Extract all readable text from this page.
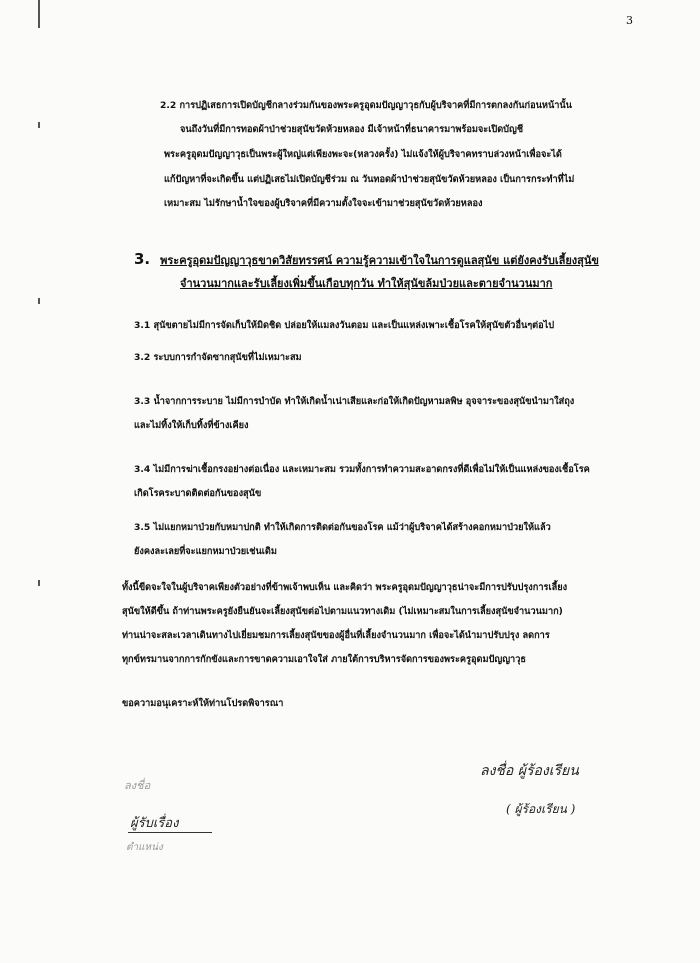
3
2.2 การปฏิเสธการเปิดบัญชีกลางร่วมกันของพระครูอุดมปัญญาวุธกับผู้บริจาคที่มีการตกลงกันก่อนหน้านั้น
จนถึงวันที่มีการทอดผ้าป่าช่วยสุนัขวัดห้วยหลอง มีเจ้าหน้าที่ธนาคารมาพร้อมจะเปิดบัญชี
พระครูอุดมปัญญาวุธเป็นพระผู้ใหญ่แต่เพียงพะจะ(หลวงครั้ง) ไม่แจ้งให้ผู้บริจาคทราบล่วงหน้าเพื่อจะได้
แก้ปัญหาที่จะเกิดขึ้น แต่ปฏิเสธไม่เปิดบัญชีร่วม ณ วันทอดผ้าป่าช่วยสุนัขวัดห้วยหลอง เป็นการกระทำที่ไม่
เหมาะสม ไม่รักษาน้ำใจของผู้บริจาคที่มีความตั้งใจจะเข้ามาช่วยสุนัขวัดห้วยหลอง
3. พระครูอุดมปัญญาวุธขาดวิสัยทรรศน์ ความรู้ความเข้าใจในการดูแลสุนัข แต่ยังคงรับเลี้ยงสุนัข
จำนวนมากและรับเลี้ยงเพิ่มขึ้นเกือบทุกวัน ทำให้สุนัขล้มป่วยและตายจำนวนมาก
3.1 สุนัขตายไม่มีการจัดเก็บให้มิดชิด ปล่อยให้แมลงวันตอม และเป็นแหล่งเพาะเชื้อโรคให้สุนัขตัวอื่นๆต่อไป
3.2 ระบบการกำจัดซากสุนัขที่ไม่เหมาะสม
3.3 น้ำจากการระบาย ไม่มีการบำบัด ทำให้เกิดน้ำเน่าเสียและก่อให้เกิดปัญหามลพิษ อุจจาระของสุนัขนำมาใส่ถุง
และไม่ทิ้งให้เก็บทิ้งที่ข้างเคียง
3.4 ไม่มีการฆ่าเชื้อกรงอย่างต่อเนื่อง และเหมาะสม รวมทั้งการทำความสะอาดกรงที่ดีเพื่อไม่ให้เป็นแหล่งของเชื้อโรค
เกิดโรคระบาดติดต่อกันของสุนัข
3.5 ไม่แยกหมาป่วยกับหมาปกติ ทำให้เกิดการติดต่อกันของโรค แม้ว่าผู้บริจาคได้สร้างคอกหมาป่วยให้แล้ว
ยังคงละเลยที่จะแยกหมาป่วยเช่นเดิม
ทั้งนี้ขีดจะใจในผู้บริจาคเพียงตัวอย่างที่ข้าพเจ้าพบเห็น และคิดว่า พระครูอุดมปัญญาวุธน่าจะมีการปรับปรุงการเลี้ยง
สุนัขให้ดีขึ้น ถ้าท่านพระครูยังยืนยันจะเลี้ยงสุนัขต่อไปตามแนวทางเดิม (ไม่เหมาะสมในการเลี้ยงสุนัขจำนวนมาก)
ท่านน่าจะสละเวลาเดินทางไปเยี่ยมชมการเลี้ยงสุนัขของผู้อื่นที่เลี้ยงจำนวนมาก เพื่อจะได้นำมาปรับปรุง ลดการ
ทุกข์ทรมานจากการกักขังและการขาดความเอาใจใส่ ภายใต้การบริหารจัดการของพระครูอุดมปัญญาวุธ
ขอความอนุเคราะห์ให้ท่านโปรดพิจารณา
ลงชื่อ ผู้ร้องเรียน
( ผู้ร้องเรียน )
ลงชื่อ
ผู้รับเรื่อง
ตำแหน่ง
